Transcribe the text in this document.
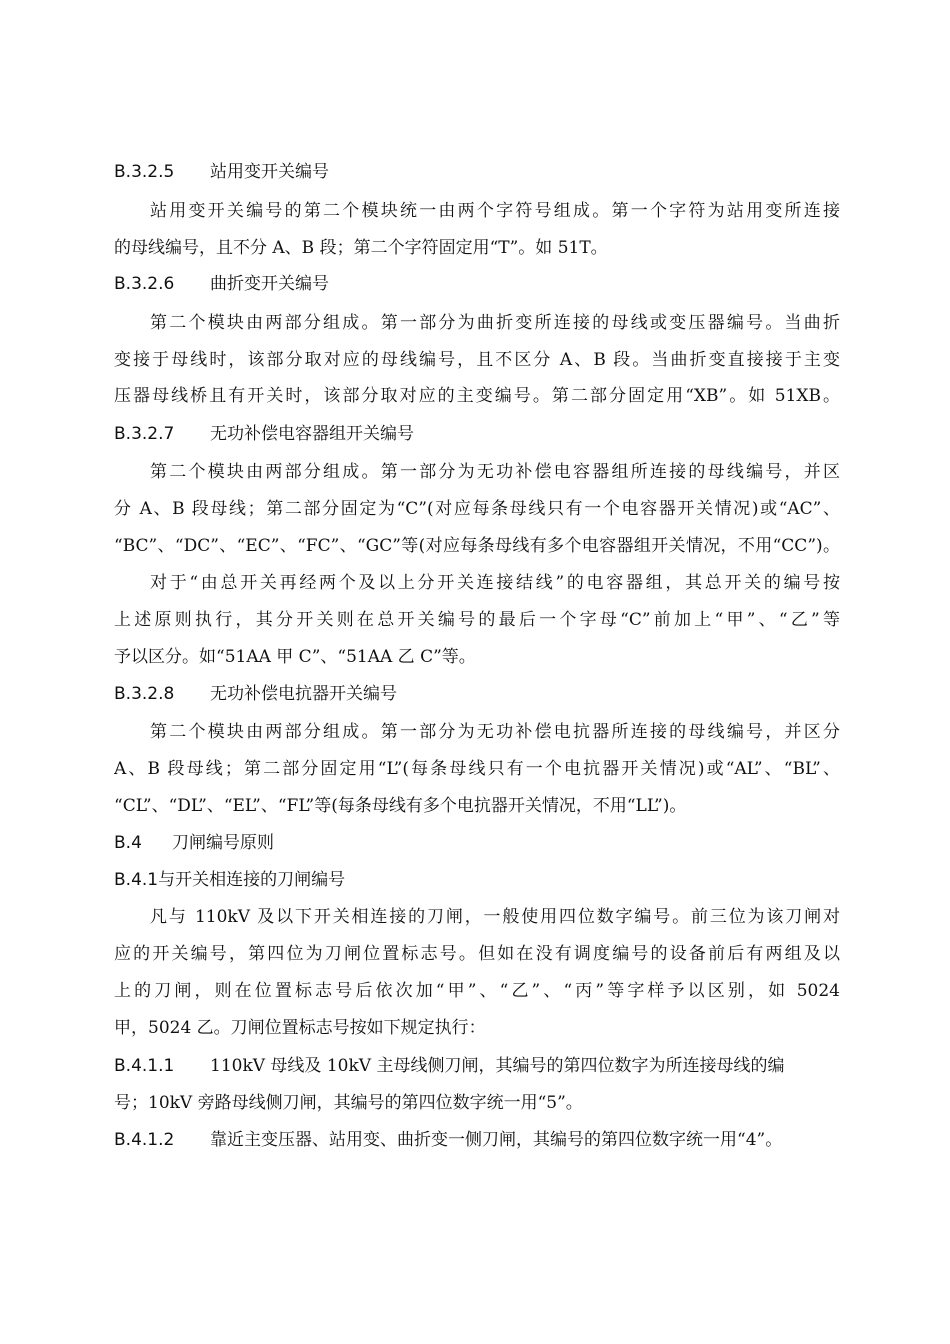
B.3.2.5 站用变开关编号
站用变开关编号的第二个模块统一由两个字符号组成。第一个字符为站用变所连接
的母线编号，且不分 A、B 段；第二个字符固定用“T”。如 51T。
B.3.2.6 曲折变开关编号
第二个模块由两部分组成。第一部分为曲折变所连接的母线或变压器编号。当曲折
变接于母线时，该部分取对应的母线编号，且不区分 A、B 段。当曲折变直接接于主变
压器母线桥且有开关时，该部分取对应的主变编号。第二部分固定用“XB”。如 51XB。
B.3.2.7 无功补偿电容器组开关编号
第二个模块由两部分组成。第一部分为无功补偿电容器组所连接的母线编号，并区
分 A、B 段母线；第二部分固定为“C”(对应每条母线只有一个电容器开关情况)或“AC”、
“BC”、“DC”、“EC”、“FC”、“GC”等(对应每条母线有多个电容器组开关情况，不用“CC”)。
对于“由总开关再经两个及以上分开关连接结线”的电容器组，其总开关的编号按
上述原则执行，其分开关则在总开关编号的最后一个字母“C”前加上“甲”、“乙”等
予以区分。如“51AA 甲 C”、“51AA 乙 C”等。
B.3.2.8 无功补偿电抗器开关编号
第二个模块由两部分组成。第一部分为无功补偿电抗器所连接的母线编号，并区分
A、B 段母线；第二部分固定用“L”(每条母线只有一个电抗器开关情况)或“AL”、“BL”、
“CL”、“DL”、“EL”、“FL”等(每条母线有多个电抗器开关情况，不用“LL”)。
B.4 刀闸编号原则
B.4.1与开关相连接的刀闸编号
凡与 110kV 及以下开关相连接的刀闸，一般使用四位数字编号。前三位为该刀闸对
应的开关编号，第四位为刀闸位置标志号。但如在没有调度编号的设备前后有两组及以
上的刀闸，则在位置标志号后依次加“甲”、“乙”、“丙”等字样予以区别，如 5024
甲，5024 乙。刀闸位置标志号按如下规定执行：
B.4.1.1 110kV 母线及 10kV 主母线侧刀闸，其编号的第四位数字为所连接母线的编
号；10kV 旁路母线侧刀闸，其编号的第四位数字统一用“5”。
B.4.1.2 靠近主变压器、站用变、曲折变一侧刀闸，其编号的第四位数字统一用“4”。
